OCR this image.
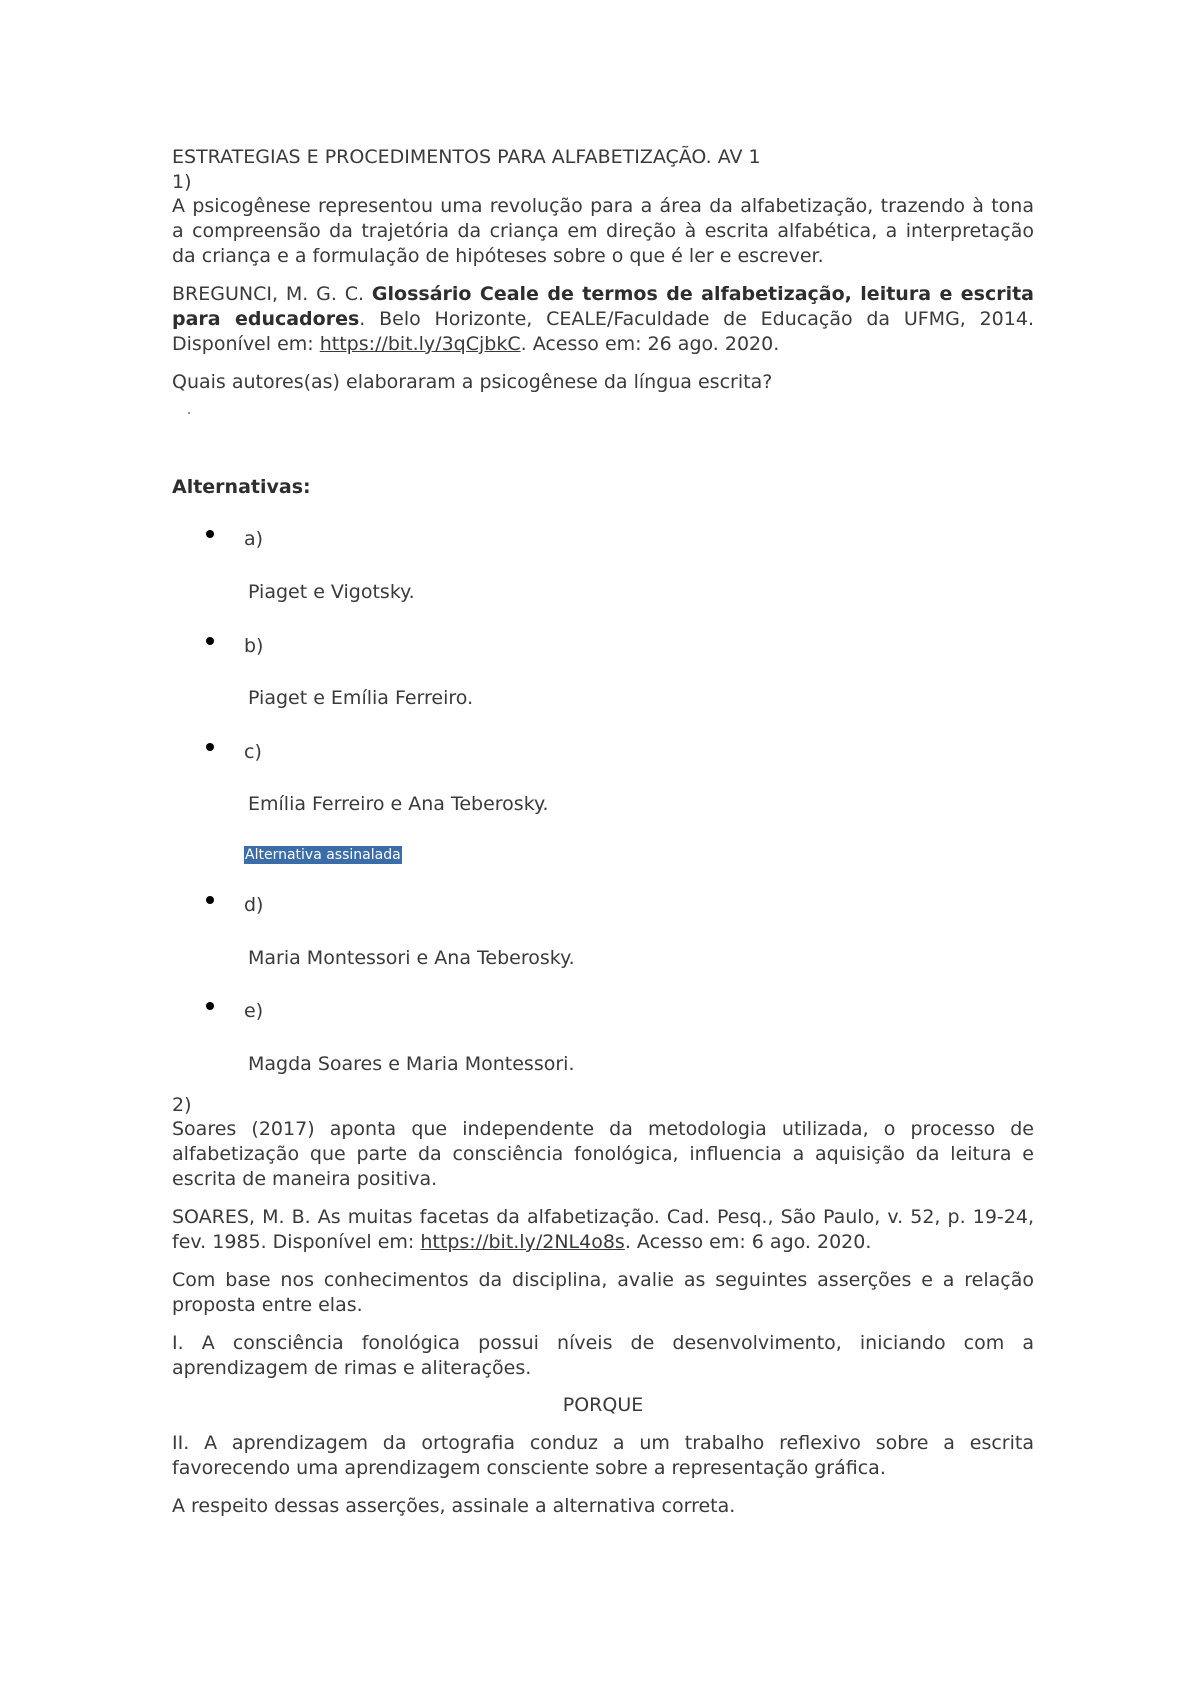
ESTRATEGIAS E PROCEDIMENTOS PARA ALFABETIZAÇÃO. AV 1
1)
A psicogênese representou uma revolução para a área da alfabetização, trazendo à tona a compreensão da trajetória da criança em direção à escrita alfabética, a interpretação da criança e a formulação de hipóteses sobre o que é ler e escrever.
BREGUNCI, M. G. C. Glossário Ceale de termos de alfabetização, leitura e escrita para educadores. Belo Horizonte, CEALE/Faculdade de Educação da UFMG, 2014. Disponível em: https://bit.ly/3qCjbkC. Acesso em: 26 ago. 2020.
Quais autores(as) elaboraram a psicogênese da língua escrita?
Alternativas:
a)
Piaget e Vigotsky.
b)
Piaget e Emília Ferreiro.
c)
Emília Ferreiro e Ana Teberosky.
Alternativa assinalada
d)
Maria Montessori e Ana Teberosky.
e)
Magda Soares e Maria Montessori.
2)
Soares (2017) aponta que independente da metodologia utilizada, o processo de alfabetização que parte da consciência fonológica, influencia a aquisição da leitura e escrita de maneira positiva.
SOARES, M. B. As muitas facetas da alfabetização. Cad. Pesq., São Paulo, v. 52, p. 19-24, fev. 1985. Disponível em: https://bit.ly/2NL4o8s. Acesso em: 6 ago. 2020.
Com base nos conhecimentos da disciplina, avalie as seguintes asserções e a relação proposta entre elas.
I. A consciência fonológica possui níveis de desenvolvimento, iniciando com a aprendizagem de rimas e aliterações.
PORQUE
II. A aprendizagem da ortografia conduz a um trabalho reflexivo sobre a escrita favorecendo uma aprendizagem consciente sobre a representação gráfica.
A respeito dessas asserções, assinale a alternativa correta.
